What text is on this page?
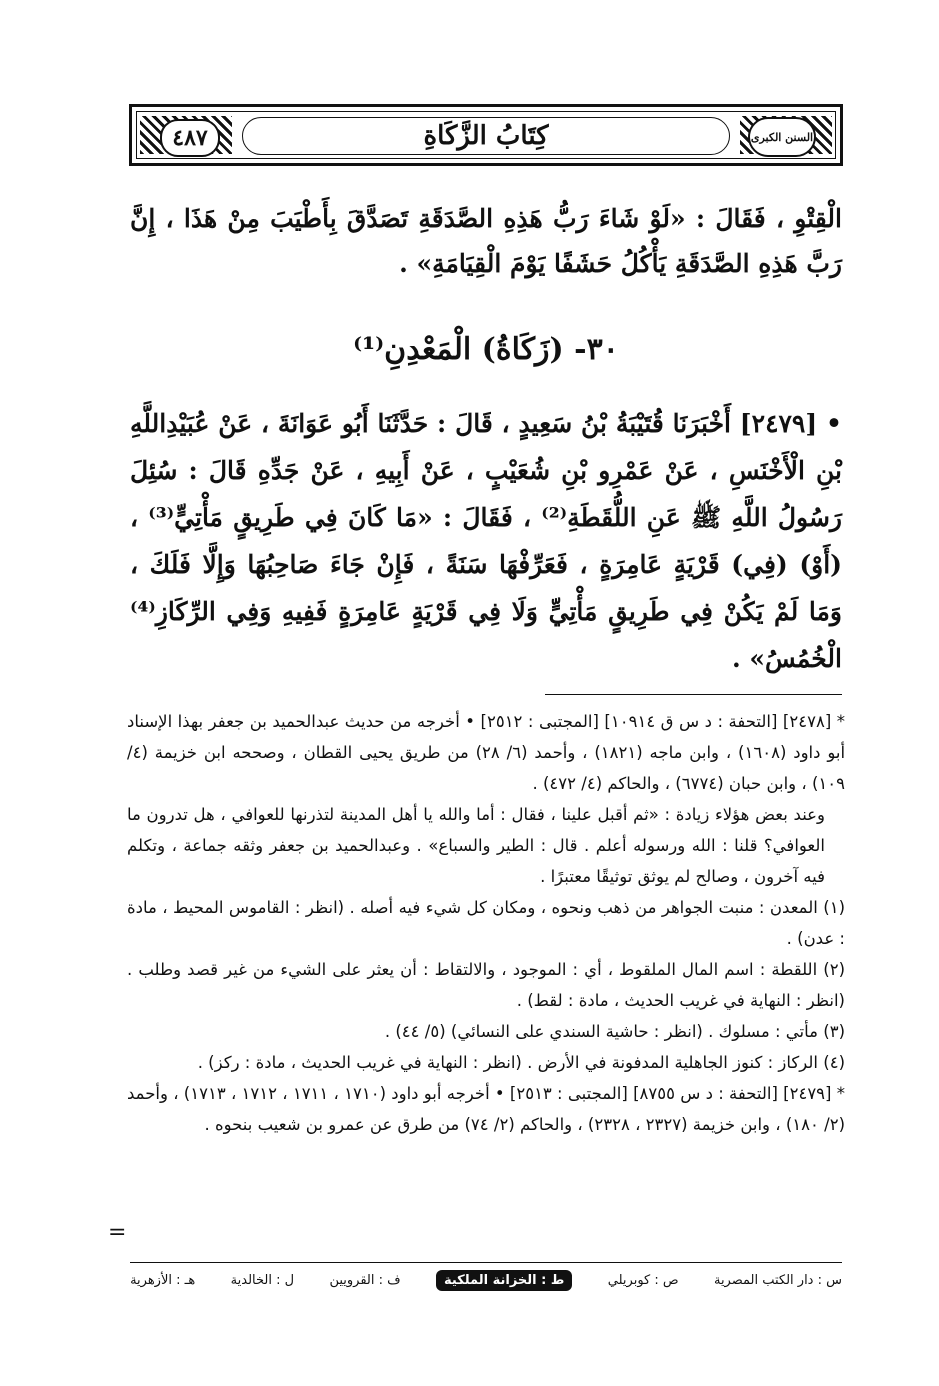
٤٨٧	السنن الكبرى
كِتَابُ الزَّكَاةِ
الْقِتْوِ ، فَقَالَ : «لَوْ شَاءَ رَبُّ هَذِهِ الصَّدَقَةِ تَصَدَّقَ بِأَطْيَبَ مِنْ هَذَا ، إِنَّ رَبَّ هَذِهِ الصَّدَقَةِ يَأْكُلُ حَشَفًا يَوْمَ الْقِيَامَةِ» .
٣٠- (زَكَاةُ) الْمَعْدِنِ⁽¹⁾
• [٢٤٧٩] أَخْبَرَنَا قُتَيْبَةُ بْنُ سَعِيدٍ ، قَالَ : حَدَّثَنَا أَبُو عَوَانَةَ ، عَنْ عُبَيْدِاللَّهِ بْنِ الْأَخْنَسِ ، عَنْ عَمْرِو بْنِ شُعَيْبٍ ، عَنْ أَبِيهِ ، عَنْ جَدِّهِ قَالَ : سُئِلَ رَسُولُ اللَّهِ ﷺ عَنِ اللُّقَطَةِ⁽²⁾ ، فَقَالَ : «مَا كَانَ فِي طَرِيقٍ مَأْتِيٍّ⁽³⁾ ، (أَوْ) (فِي) قَرْيَةٍ عَامِرَةٍ ، فَعَرِّفْهَا سَنَةً ، فَإِنْ جَاءَ صَاحِبُهَا وَإِلَّا فَلَكَ ، وَمَا لَمْ يَكُنْ فِي طَرِيقٍ مَأْتِيٍّ وَلَا فِي قَرْيَةٍ عَامِرَةٍ فَفِيهِ وَفِي الرِّكَازِ⁽⁴⁾ الْخُمُسُ» .

* [٢٤٧٨] [التحفة : د س ق ١٠٩١٤] [المجتبى : ٢٥١٢] • أخرجه من حديث عبدالحميد بن جعفر بهذا الإسناد أبو داود (١٦٠٨) ، وابن ماجه (١٨٢١) ، وأحمد (٦/ ٢٨) من طريق يحيى القطان ، وصححه ابن خزيمة (٤/ ١٠٩) ، وابن حبان (٦٧٧٤) ، والحاكم (٤/ ٤٧٢) .

وعند بعض هؤلاء زيادة : «ثم أقبل علينا ، فقال : أما والله يا أهل المدينة لتذرنها للعوافي ، هل تدرون ما العوافي؟ قلنا : الله ورسوله أعلم . قال : الطير والسباع» . وعبدالحميد بن جعفر وثقه جماعة ، وتكلم فيه آخرون ، وصالح لم يوثق توثيقًا معتبرًا .

(١) المعدن : منبت الجواهر من ذهب ونحوه ، ومكان كل شيء فيه أصله . (انظر : القاموس المحيط ، مادة : عدن) .

(٢) اللقطة : اسم المال الملقوط ، أي : الموجود ، والالتقاط : أن يعثر على الشيء من غير قصد وطلب . (انظر : النهاية في غريب الحديث ، مادة : لقط) .

(٣) مأتي : مسلوك . (انظر : حاشية السندي على النسائي) (٥/ ٤٤) .

(٤) الركاز : كنوز الجاهلية المدفونة في الأرض . (انظر : النهاية في غريب الحديث ، مادة : ركز) .

* [٢٤٧٩] [التحفة : د س ٨٧٥٥] [المجتبى : ٢٥١٣] • أخرجه أبو داود (١٧١٠ ، ١٧١١ ، ١٧١٢ ، ١٧١٣) ، وأحمد (٢/ ١٨٠) ، وابن خزيمة (٢٣٢٧ ، ٢٣٢٨) ، والحاكم (٢/ ٧٤) من طرق عن عمرو بن شعيب بنحوه .

=
س : دار الكتب المصرية
ص : كوبريلي
ط : الخزانة الملكية
ف : القرويين
ل : الخالدية
هـ : الأزهرية
